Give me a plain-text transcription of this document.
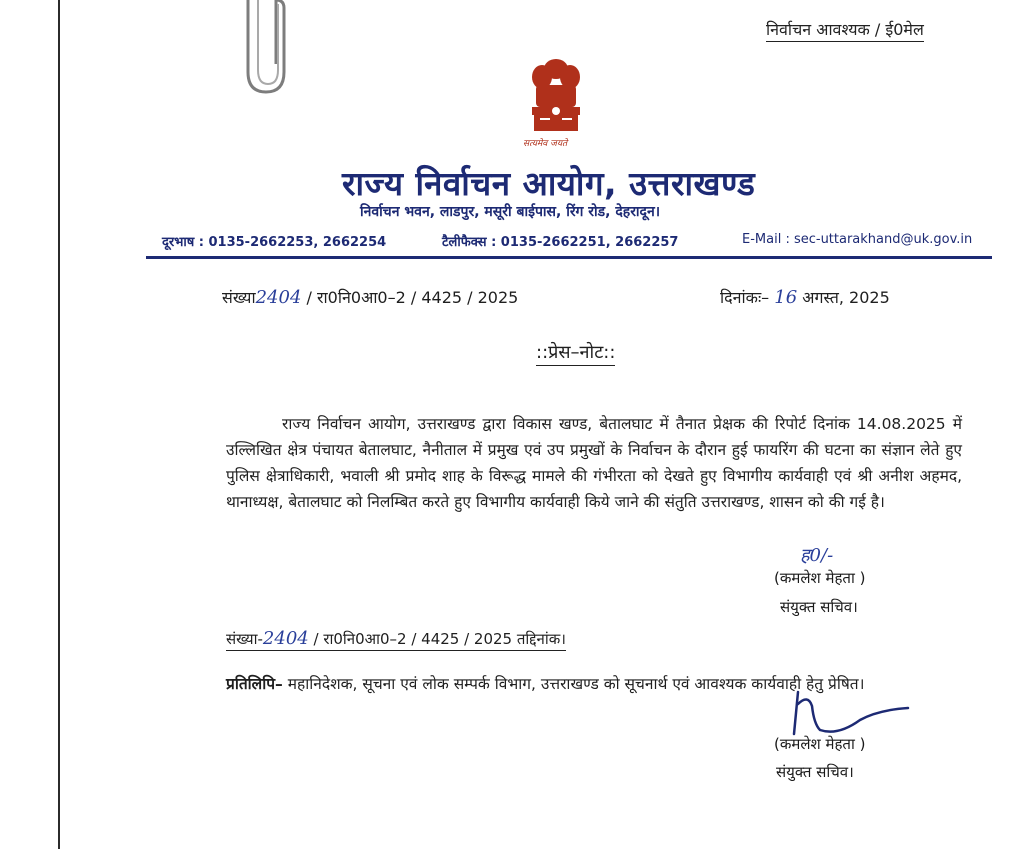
निर्वाचन आवश्यक / ई0मेल
सत्यमेव जयते
राज्य निर्वाचन आयोग, उत्तराखण्ड
निर्वाचन भवन, लाडपुर, मसूरी बाईपास, रिंग रोड, देहरादून।
दूरभाष : 0135-2662253, 2662254	टैलीफैक्स : 0135-2662251, 2662257	E-Mail : sec-uttarakhand@uk.gov.in
संख्या2404 / रा0नि0आ0–2 / 4425 / 2025	दिनांकः– 16 अगस्त, 2025
::प्रेस–नोट::

राज्य निर्वाचन आयोग, उत्तराखण्ड द्वारा विकास खण्ड, बेतालघाट में तैनात प्रेक्षक की रिपोर्ट दिनांक 14.08.2025 में उल्लिखित क्षेत्र पंचायत बेतालघाट, नैनीताल में प्रमुख एवं उप प्रमुखों के निर्वाचन के दौरान हुई फायरिंग की घटना का संज्ञान लेते हुए पुलिस क्षेत्राधिकारी, भवाली श्री प्रमोद शाह के विरूद्ध मामले की गंभीरता को देखते हुए विभागीय कार्यवाही एवं श्री अनीश अहमद, थानाध्यक्ष, बेतालघाट को निलम्बित करते हुए विभागीय कार्यवाही किये जाने की संतुति उत्तराखण्ड, शासन को की गई है।

ह0/-
(कमलेश मेहता )
संयुक्त सचिव।
संख्या-2404 / रा0नि0आ0–2 / 4425 / 2025 तद्दिनांक।

प्रतिलिपि– महानिदेशक, सूचना एवं लोक सम्पर्क विभाग, उत्तराखण्ड को सूचनार्थ एवं आवश्यक कार्यवाही हेतु प्रेषित।

(कमलेश मेहता )
संयुक्त सचिव।
